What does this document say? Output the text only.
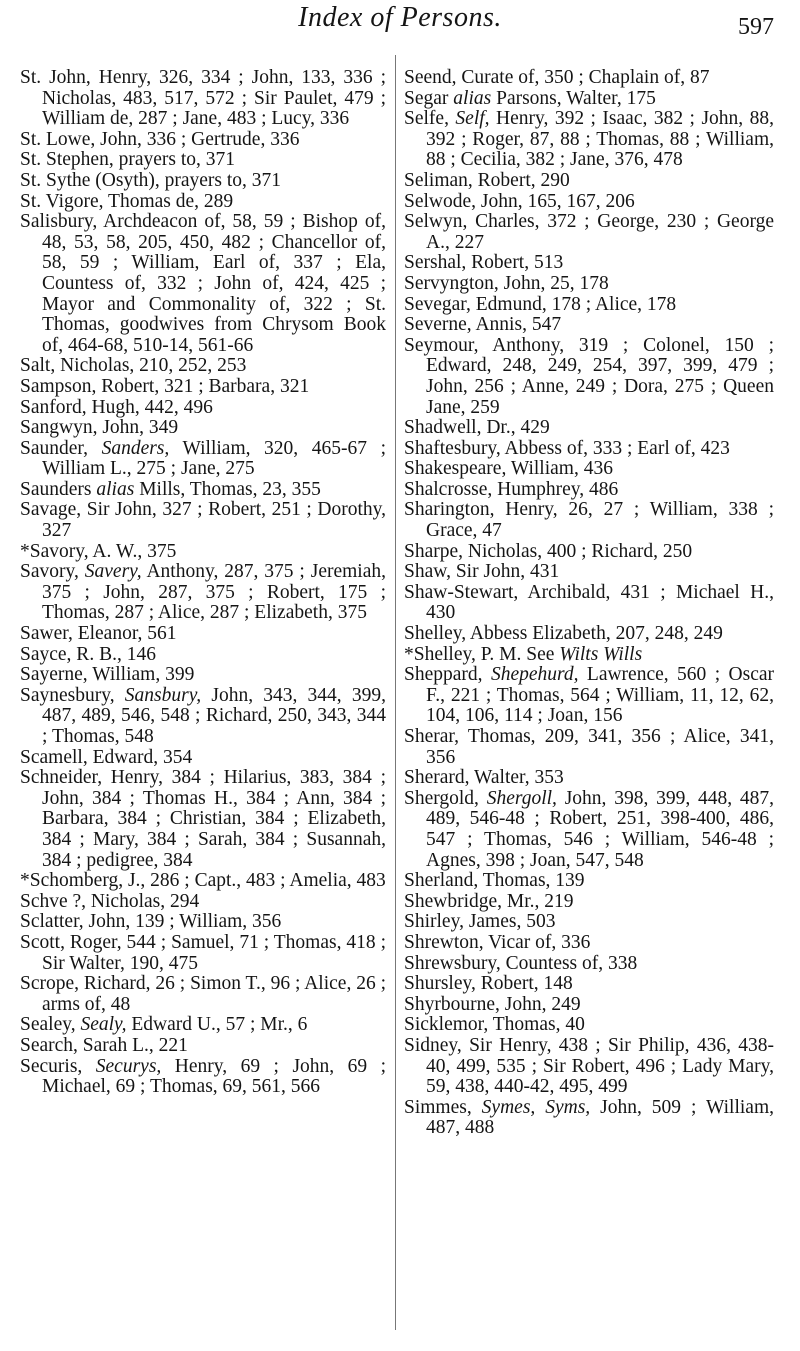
Index of Persons.	597

St. John, Henry, 326, 334 ; John, 133, 336 ; Nicholas, 483, 517, 572 ; Sir Paulet, 479 ; William de, 287 ; Jane, 483 ; Lucy, 336

St. Lowe, John, 336 ; Gertrude, 336

St. Stephen, prayers to, 371

St. Sythe (Osyth), prayers to, 371

St. Vigore, Thomas de, 289

Salisbury, Archdeacon of, 58, 59 ; Bishop of, 48, 53, 58, 205, 450, 482 ; Chancellor of, 58, 59 ; William, Earl of, 337 ; Ela, Countess of, 332 ; John of, 424, 425 ; Mayor and Commonality of, 322 ; St. Thomas, goodwives from Chrysom Book of, 464-68, 510-14, 561-66

Salt, Nicholas, 210, 252, 253

Sampson, Robert, 321 ; Barbara, 321

Sanford, Hugh, 442, 496

Sangwyn, John, 349

Saunder, Sanders, William, 320, 465-67 ; William L., 275 ; Jane, 275

Saunders alias Mills, Thomas, 23, 355

Savage, Sir John, 327 ; Robert, 251 ; Dorothy, 327

*Savory, A. W., 375

Savory, Savery, Anthony, 287, 375 ; Jeremiah, 375 ; John, 287, 375 ; Robert, 175 ; Thomas, 287 ; Alice, 287 ; Elizabeth, 375

Sawer, Eleanor, 561

Sayce, R. B., 146

Sayerne, William, 399

Saynesbury, Sansbury, John, 343, 344, 399, 487, 489, 546, 548 ; Richard, 250, 343, 344 ; Thomas, 548

Scamell, Edward, 354

Schneider, Henry, 384 ; Hilarius, 383, 384 ; John, 384 ; Thomas H., 384 ; Ann, 384 ; Barbara, 384 ; Christian, 384 ; Elizabeth, 384 ; Mary, 384 ; Sarah, 384 ; Susannah, 384 ; pedigree, 384

*Schomberg, J., 286 ; Capt., 483 ; Amelia, 483

Schve ?, Nicholas, 294

Sclatter, John, 139 ; William, 356

Scott, Roger, 544 ; Samuel, 71 ; Thomas, 418 ; Sir Walter, 190, 475

Scrope, Richard, 26 ; Simon T., 96 ; Alice, 26 ; arms of, 48

Sealey, Sealy, Edward U., 57 ; Mr., 6

Search, Sarah L., 221

Securis, Securys, Henry, 69 ; John, 69 ; Michael, 69 ; Thomas, 69, 561, 566

Seend, Curate of, 350 ; Chaplain of, 87

Segar alias Parsons, Walter, 175

Selfe, Self, Henry, 392 ; Isaac, 382 ; John, 88, 392 ; Roger, 87, 88 ; Thomas, 88 ; William, 88 ; Cecilia, 382 ; Jane, 376, 478

Seliman, Robert, 290

Selwode, John, 165, 167, 206

Selwyn, Charles, 372 ; George, 230 ; George A., 227

Sershal, Robert, 513

Servyngton, John, 25, 178

Sevegar, Edmund, 178 ; Alice, 178

Severne, Annis, 547

Seymour, Anthony, 319 ; Colonel, 150 ; Edward, 248, 249, 254, 397, 399, 479 ; John, 256 ; Anne, 249 ; Dora, 275 ; Queen Jane, 259

Shadwell, Dr., 429

Shaftesbury, Abbess of, 333 ; Earl of, 423

Shakespeare, William, 436

Shalcrosse, Humphrey, 486

Sharington, Henry, 26, 27 ; William, 338 ; Grace, 47

Sharpe, Nicholas, 400 ; Richard, 250

Shaw, Sir John, 431

Shaw-Stewart, Archibald, 431 ; Michael H., 430

Shelley, Abbess Elizabeth, 207, 248, 249

*Shelley, P. M. See Wilts Wills

Sheppard, Shepehurd, Lawrence, 560 ; Oscar F., 221 ; Thomas, 564 ; William, 11, 12, 62, 104, 106, 114 ; Joan, 156

Sherar, Thomas, 209, 341, 356 ; Alice, 341, 356

Sherard, Walter, 353

Shergold, Shergoll, John, 398, 399, 448, 487, 489, 546-48 ; Robert, 251, 398-400, 486, 547 ; Thomas, 546 ; William, 546-48 ; Agnes, 398 ; Joan, 547, 548

Sherland, Thomas, 139

Shewbridge, Mr., 219

Shirley, James, 503

Shrewton, Vicar of, 336

Shrewsbury, Countess of, 338

Shursley, Robert, 148

Shyrbourne, John, 249

Sicklemor, Thomas, 40

Sidney, Sir Henry, 438 ; Sir Philip, 436, 438-40, 499, 535 ; Sir Robert, 496 ; Lady Mary, 59, 438, 440-42, 495, 499

Simmes, Symes, Syms, John, 509 ; William, 487, 488
